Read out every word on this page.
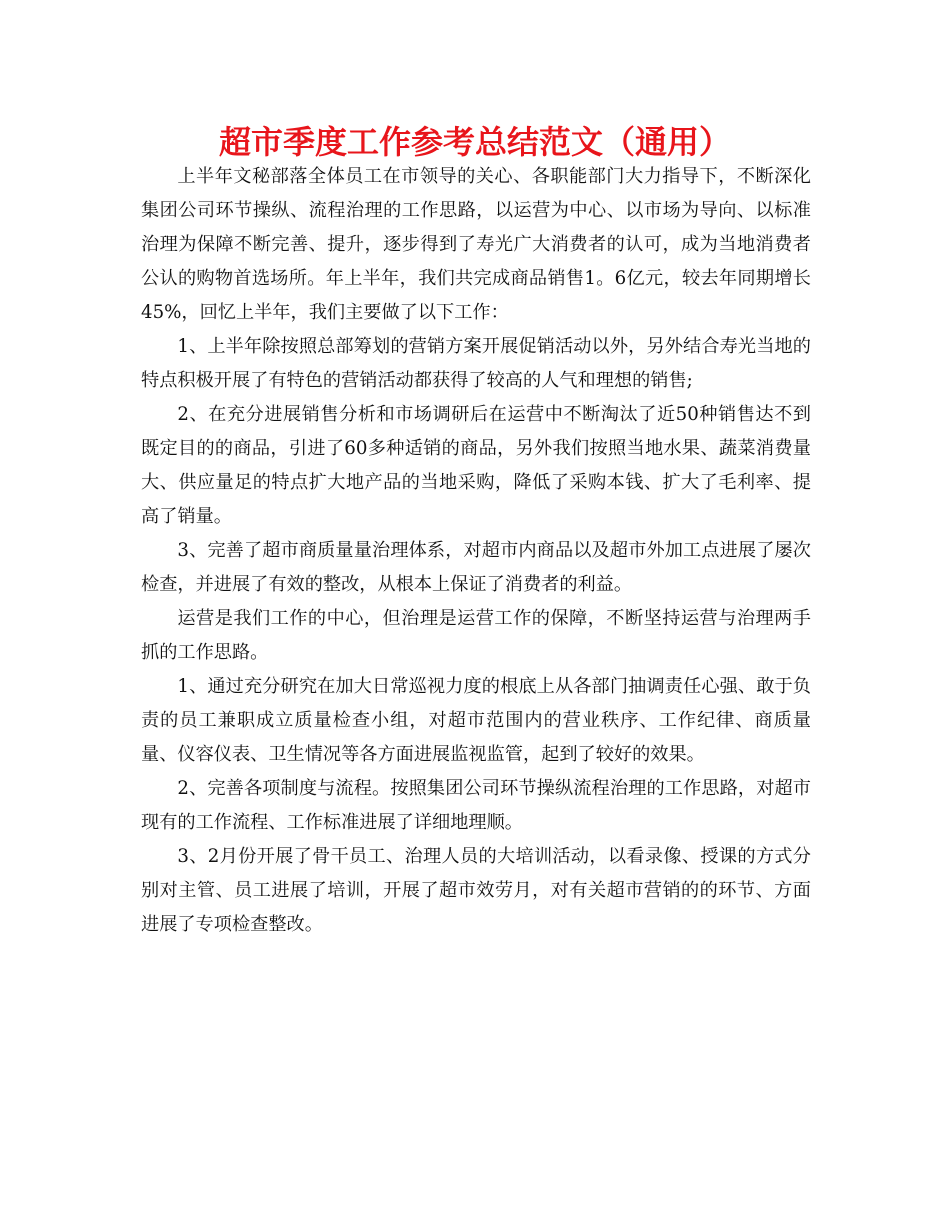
超市季度工作参考总结范文（通用）

上半年文秘部落全体员工在市领导的关心、各职能部门大力指导下，不断深化集团公司环节操纵、流程治理的工作思路，以运营为中心、以市场为导向、以标准治理为保障不断完善、提升，逐步得到了寿光广大消费者的认可，成为当地消费者公认的购物首选场所。年上半年，我们共完成商品销售1。6亿元，较去年同期增长45%，回忆上半年，我们主要做了以下工作：

1、上半年除按照总部筹划的营销方案开展促销活动以外，另外结合寿光当地的特点积极开展了有特色的营销活动都获得了较高的人气和理想的销售;

2、在充分进展销售分析和市场调研后在运营中不断淘汰了近50种销售达不到既定目的的商品，引进了60多种适销的商品，另外我们按照当地水果、蔬菜消费量大、供应量足的特点扩大地产品的当地采购，降低了采购本钱、扩大了毛利率、提高了销量。

3、完善了超市商质量量治理体系，对超市内商品以及超市外加工点进展了屡次检查，并进展了有效的整改，从根本上保证了消费者的利益。

运营是我们工作的中心，但治理是运营工作的保障，不断坚持运营与治理两手抓的工作思路。

1、通过充分研究在加大日常巡视力度的根底上从各部门抽调责任心强、敢于负责的员工兼职成立质量检查小组，对超市范围内的营业秩序、工作纪律、商质量量、仪容仪表、卫生情况等各方面进展监视监管，起到了较好的效果。

2、完善各项制度与流程。按照集团公司环节操纵流程治理的工作思路，对超市现有的工作流程、工作标准进展了详细地理顺。

3、2月份开展了骨干员工、治理人员的大培训活动，以看录像、授课的方式分别对主管、员工进展了培训，开展了超市效劳月，对有关超市营销的的环节、方面进展了专项检查整改。
